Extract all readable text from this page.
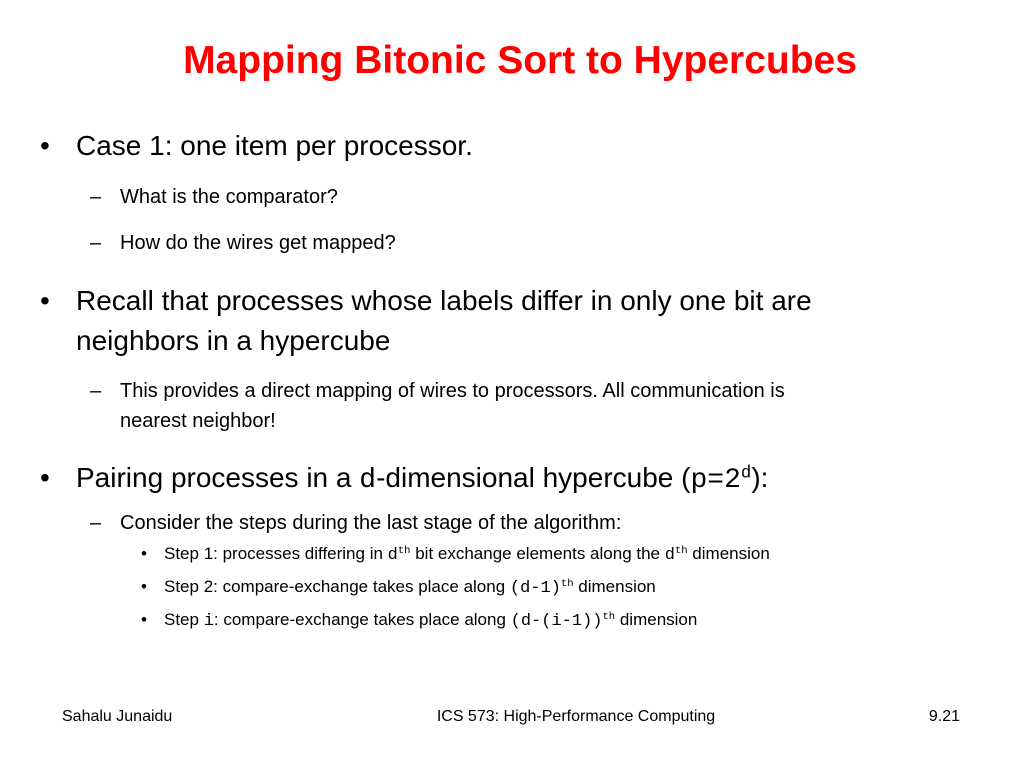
Mapping Bitonic Sort to Hypercubes
• Case 1: one item per processor.
– What is the comparator?
– How do the wires get mapped?
• Recall that processes whose labels differ in only one bit are
neighbors in a hypercube
– This provides a direct mapping of wires to processors. All communication is
nearest neighbor!
• Pairing processes in a d-dimensional hypercube $(p=2^d)$:
– Consider the steps during the last stage of the algorithm:
• Step 1: processes differing in $d^{th}$ bit exchange elements along the $d^{th}$ dimension
• Step 2: compare-exchange takes place along $(d-1)^{th}$ dimension
• Step i: compare-exchange takes place along $(d-(i-1))^{th}$ dimension
Sahalu Junaidu	ICS 573: High-Performance Computing	9.21
